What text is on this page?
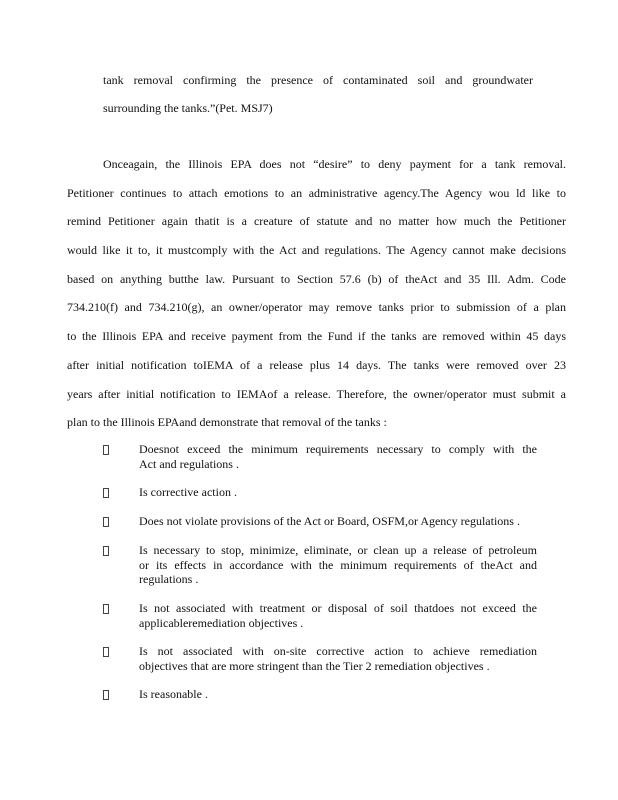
tank removal confirming the presence of contaminated soil and groundwater
surrounding the tanks.”(Pet. MSJ7)
Onceagain, the Illinois EPA does not “desire” to deny payment for a tank removal.
Petitioner continues to attach emotions to an administrative agency.The Agency wou ld like to
remind Petitioner again thatit is a creature of statute and no matter how much the Petitioner
would like it to, it mustcomply with the Act and regulations. The Agency cannot make decisions
based on anything butthe law. Pursuant to Section 57.6 (b) of theAct and 35 Ill. Adm. Code
734.210(f) and 734.210(g), an owner/operator may remove tanks prior to submission of a plan
to the Illinois EPA and receive payment from the Fund if the tanks are removed within 45 days
after initial notification toIEMA of a release plus 14 days. The tanks were removed over 23
years after initial notification to IEMAof a release. Therefore, the owner/operator must submit a
plan to the Illinois EPAand demonstrate that removal of the tanks :
Doesnot exceed the minimum requirements necessary to comply with the
Act and regulations .
Is corrective action .
Does not violate provisions of the Act or Board, OSFM,or Agency regulations .
Is necessary to stop, minimize, eliminate, or clean up a release of petroleum
or its effects in accordance with the minimum requirements of theAct and
regulations .
Is not associated with treatment or disposal of soil thatdoes not exceed the
applicableremediation objectives .
Is not associated with on-site corrective action to achieve remediation
objectives that are more stringent than the Tier 2 remediation objectives .
Is reasonable .
